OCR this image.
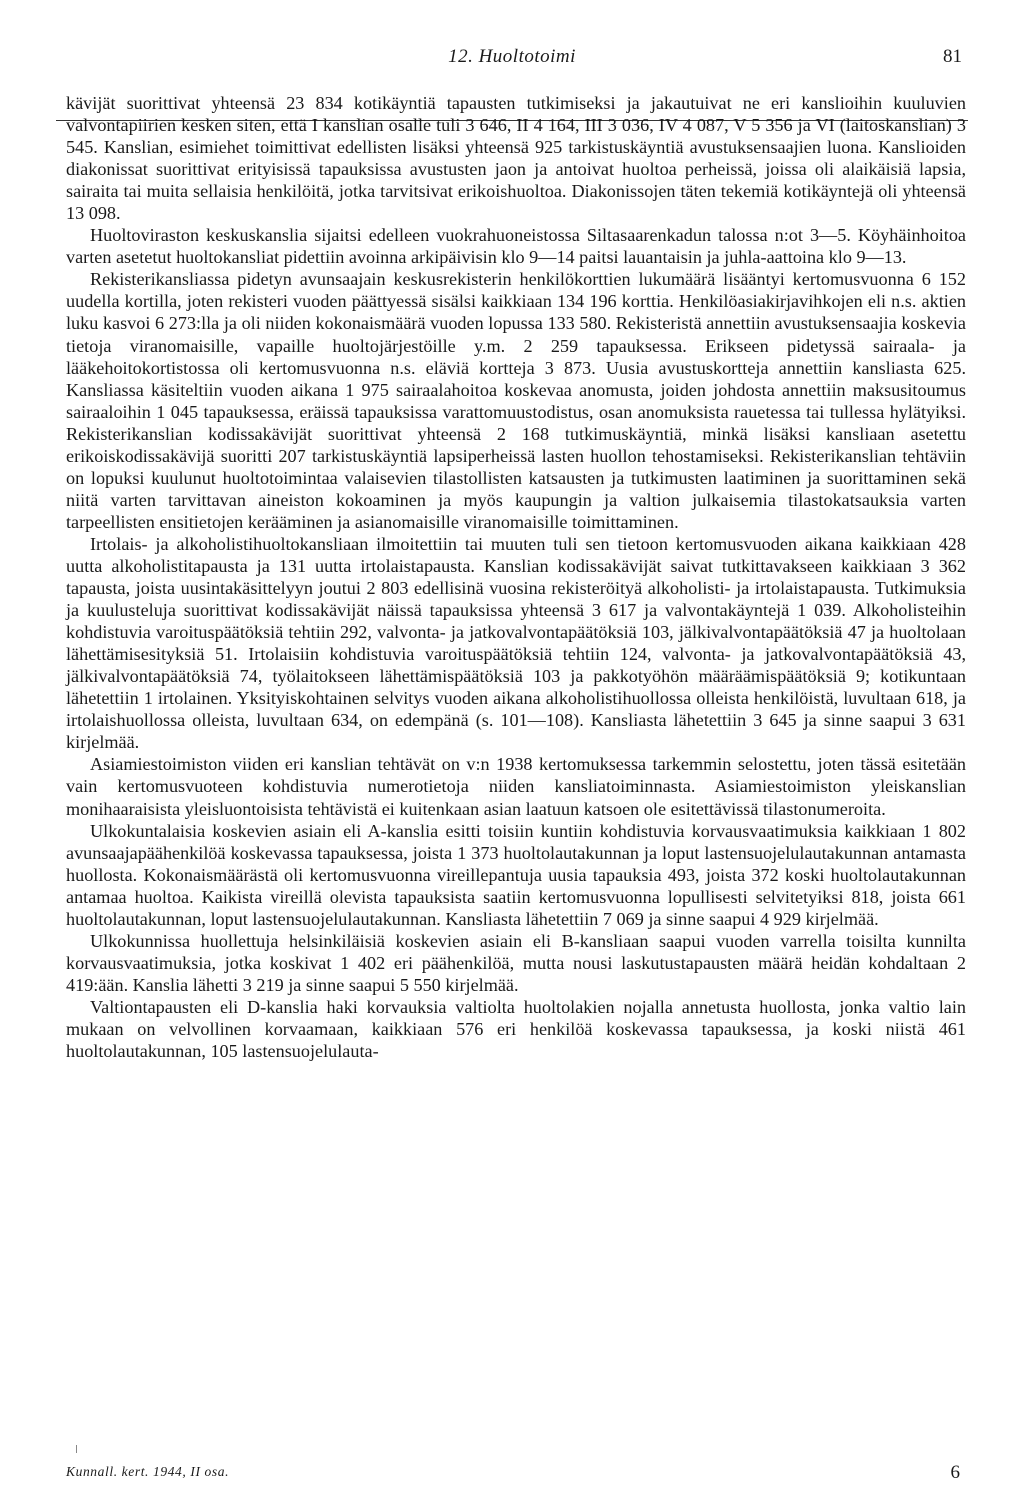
12. Huoltotoimi	81

kävijät suorittivat yhteensä 23 834 kotikäyntiä tapausten tutkimiseksi ja jakautuivat ne eri kanslioihin kuuluvien valvontapiirien kesken siten, että I kanslian osalle tuli 3 646, II 4 164, III 3 036, IV 4 087, V 5 356 ja VI (laitoskanslian) 3 545. Kanslian, esimiehet toimittivat edellisten lisäksi yhteensä 925 tarkistuskäyntiä avustuksensaajien luona. Kanslioiden diakonissat suorittivat erityisissä tapauksissa avustusten jaon ja antoivat huoltoa perheissä, joissa oli alaikäisiä lapsia, sairaita tai muita sellaisia henkilöitä, jotka tarvitsivat erikoishuoltoa. Diakonissojen täten tekemiä kotikäyntejä oli yhteensä 13 098.

Huoltoviraston keskuskanslia sijaitsi edelleen vuokrahuoneistossa Siltasaarenkadun talossa n:ot 3—5. Köyhäinhoitoa varten asetetut huoltokansliat pidettiin avoinna arkipäivisin klo 9—14 paitsi lauantaisin ja juhla-aattoina klo 9—13.

Rekisterikansliassa pidetyn avunsaajain keskusrekisterin henkilökorttien lukumäärä lisääntyi kertomusvuonna 6 152 uudella kortilla, joten rekisteri vuoden päättyessä sisälsi kaikkiaan 134 196 korttia. Henkilöasiakirjavihkojen eli n.s. aktien luku kasvoi 6 273:lla ja oli niiden kokonaismäärä vuoden lopussa 133 580. Rekisteristä annettiin avustuksensaajia koskevia tietoja viranomaisille, vapaille huoltojärjestöille y.m. 2 259 tapauksessa. Erikseen pidetyssä sairaala- ja lääkehoitokortistossa oli kertomusvuonna n.s. eläviä kortteja 3 873. Uusia avustuskortteja annettiin kansliasta 625. Kansliassa käsiteltiin vuoden aikana 1 975 sairaalahoitoa koskevaa anomusta, joiden johdosta annettiin maksusitoumus sairaaloihin 1 045 tapauksessa, eräissä tapauksissa varattomuustodistus, osan anomuksista rauetessa tai tullessa hylätyiksi. Rekisterikanslian kodissakävijät suorittivat yhteensä 2 168 tutkimuskäyntiä, minkä lisäksi kansliaan asetettu erikoiskodissakävijä suoritti 207 tarkistuskäyntiä lapsiperheissä lasten huollon tehostamiseksi. Rekisterikanslian tehtäviin on lopuksi kuulunut huoltotoimintaa valaisevien tilastollisten katsausten ja tutkimusten laatiminen ja suorittaminen sekä niitä varten tarvittavan aineiston kokoaminen ja myös kaupungin ja valtion julkaisemia tilastokatsauksia varten tarpeellisten ensitietojen kerääminen ja asianomaisille viranomaisille toimittaminen.

Irtolais- ja alkoholistihuoltokansliaan ilmoitettiin tai muuten tuli sen tietoon kertomusvuoden aikana kaikkiaan 428 uutta alkoholistitapausta ja 131 uutta irtolaistapausta. Kanslian kodissakävijät saivat tutkittavakseen kaikkiaan 3 362 tapausta, joista uusintakäsittelyyn joutui 2 803 edellisinä vuosina rekisteröityä alkoholisti- ja irtolaistapausta. Tutkimuksia ja kuulusteluja suorittivat kodissakävijät näissä tapauksissa yhteensä 3 617 ja valvontakäyntejä 1 039. Alkoholisteihin kohdistuvia varoituspäätöksiä tehtiin 292, valvonta- ja jatkovalvontapäätöksiä 103, jälkivalvontapäätöksiä 47 ja huoltolaan lähettämisesityksiä 51. Irtolaisiin kohdistuvia varoituspäätöksiä tehtiin 124, valvonta- ja jatkovalvontapäätöksiä 43, jälkivalvontapäätöksiä 74, työlaitokseen lähettämispäätöksiä 103 ja pakkotyöhön määräämispäätöksiä 9; kotikuntaan lähetettiin 1 irtolainen. Yksityiskohtainen selvitys vuoden aikana alkoholistihuollossa olleista henkilöistä, luvultaan 618, ja irtolaishuollossa olleista, luvultaan 634, on edempänä (s. 101—108). Kansliasta lähetettiin 3 645 ja sinne saapui 3 631 kirjelmää.

Asiamiestoimiston viiden eri kanslian tehtävät on v:n 1938 kertomuksessa tarkemmin selostettu, joten tässä esitetään vain kertomusvuoteen kohdistuvia numerotietoja niiden kansliatoiminnasta. Asiamiestoimiston yleiskanslian monihaaraisista yleisluontoisista tehtävistä ei kuitenkaan asian laatuun katsoen ole esitettävissä tilastonumeroita.

Ulkokuntalaisia koskevien asiain eli A-kanslia esitti toisiin kuntiin kohdistuvia korvausvaatimuksia kaikkiaan 1 802 avunsaajapäähenkilöä koskevassa tapauksessa, joista 1 373 huoltolautakunnan ja loput lastensuojelulautakunnan antamasta huollosta. Kokonaismäärästä oli kertomusvuonna vireillepantuja uusia tapauksia 493, joista 372 koski huoltolautakunnan antamaa huoltoa. Kaikista vireillä olevista tapauksista saatiin kertomusvuonna lopullisesti selvitetyiksi 818, joista 661 huoltolautakunnan, loput lastensuojelulautakunnan. Kansliasta lähetettiin 7 069 ja sinne saapui 4 929 kirjelmää.

Ulkokunnissa huollettuja helsinkiläisiä koskevien asiain eli B-kansliaan saapui vuoden varrella toisilta kunnilta korvausvaatimuksia, jotka koskivat 1 402 eri päähenkilöä, mutta nousi laskutustapausten määrä heidän kohdaltaan 2 419:ään. Kanslia lähetti 3 219 ja sinne saapui 5 550 kirjelmää.

Valtiontapausten eli D-kanslia haki korvauksia valtiolta huoltolakien nojalla annetusta huollosta, jonka valtio lain mukaan on velvollinen korvaamaan, kaikkiaan 576 eri henkilöä koskevassa tapauksessa, ja koski niistä 461 huoltolautakunnan, 105 lastensuojelulauta-

Kunnall. kert. 1944, II osa.	6
